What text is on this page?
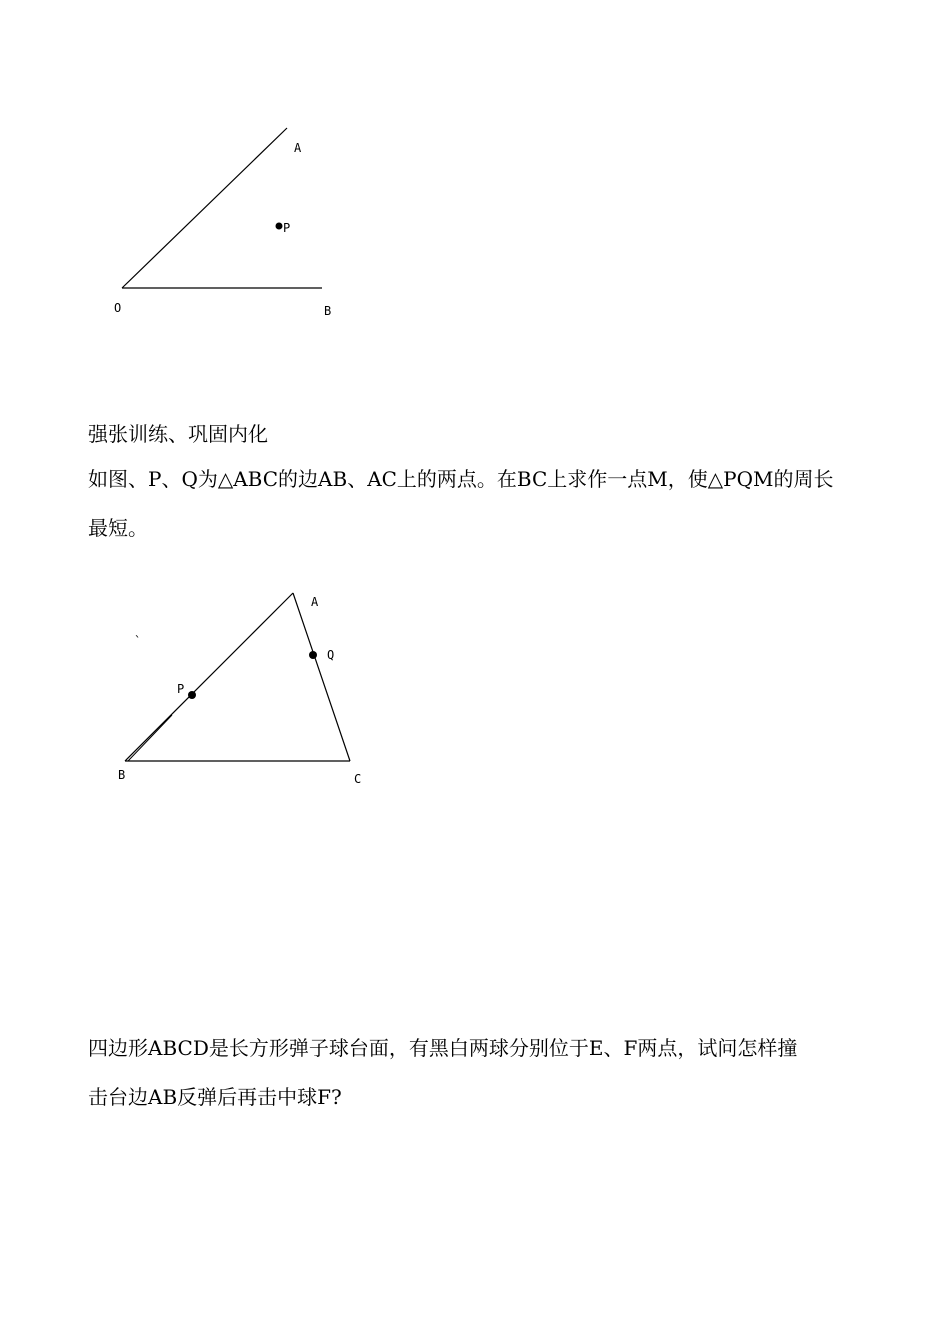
A
P
O	B

强张训练、巩固内化

如图、P、Q为△ABC的边AB、AC上的两点。在BC上求作一点M，使△PQM的周长

最短。

`
A
Q
P
B	C

四边形ABCD是长方形弹子球台面，有黑白两球分别位于E、F两点，试问怎样撞

击台边AB反弹后再击中球F?
